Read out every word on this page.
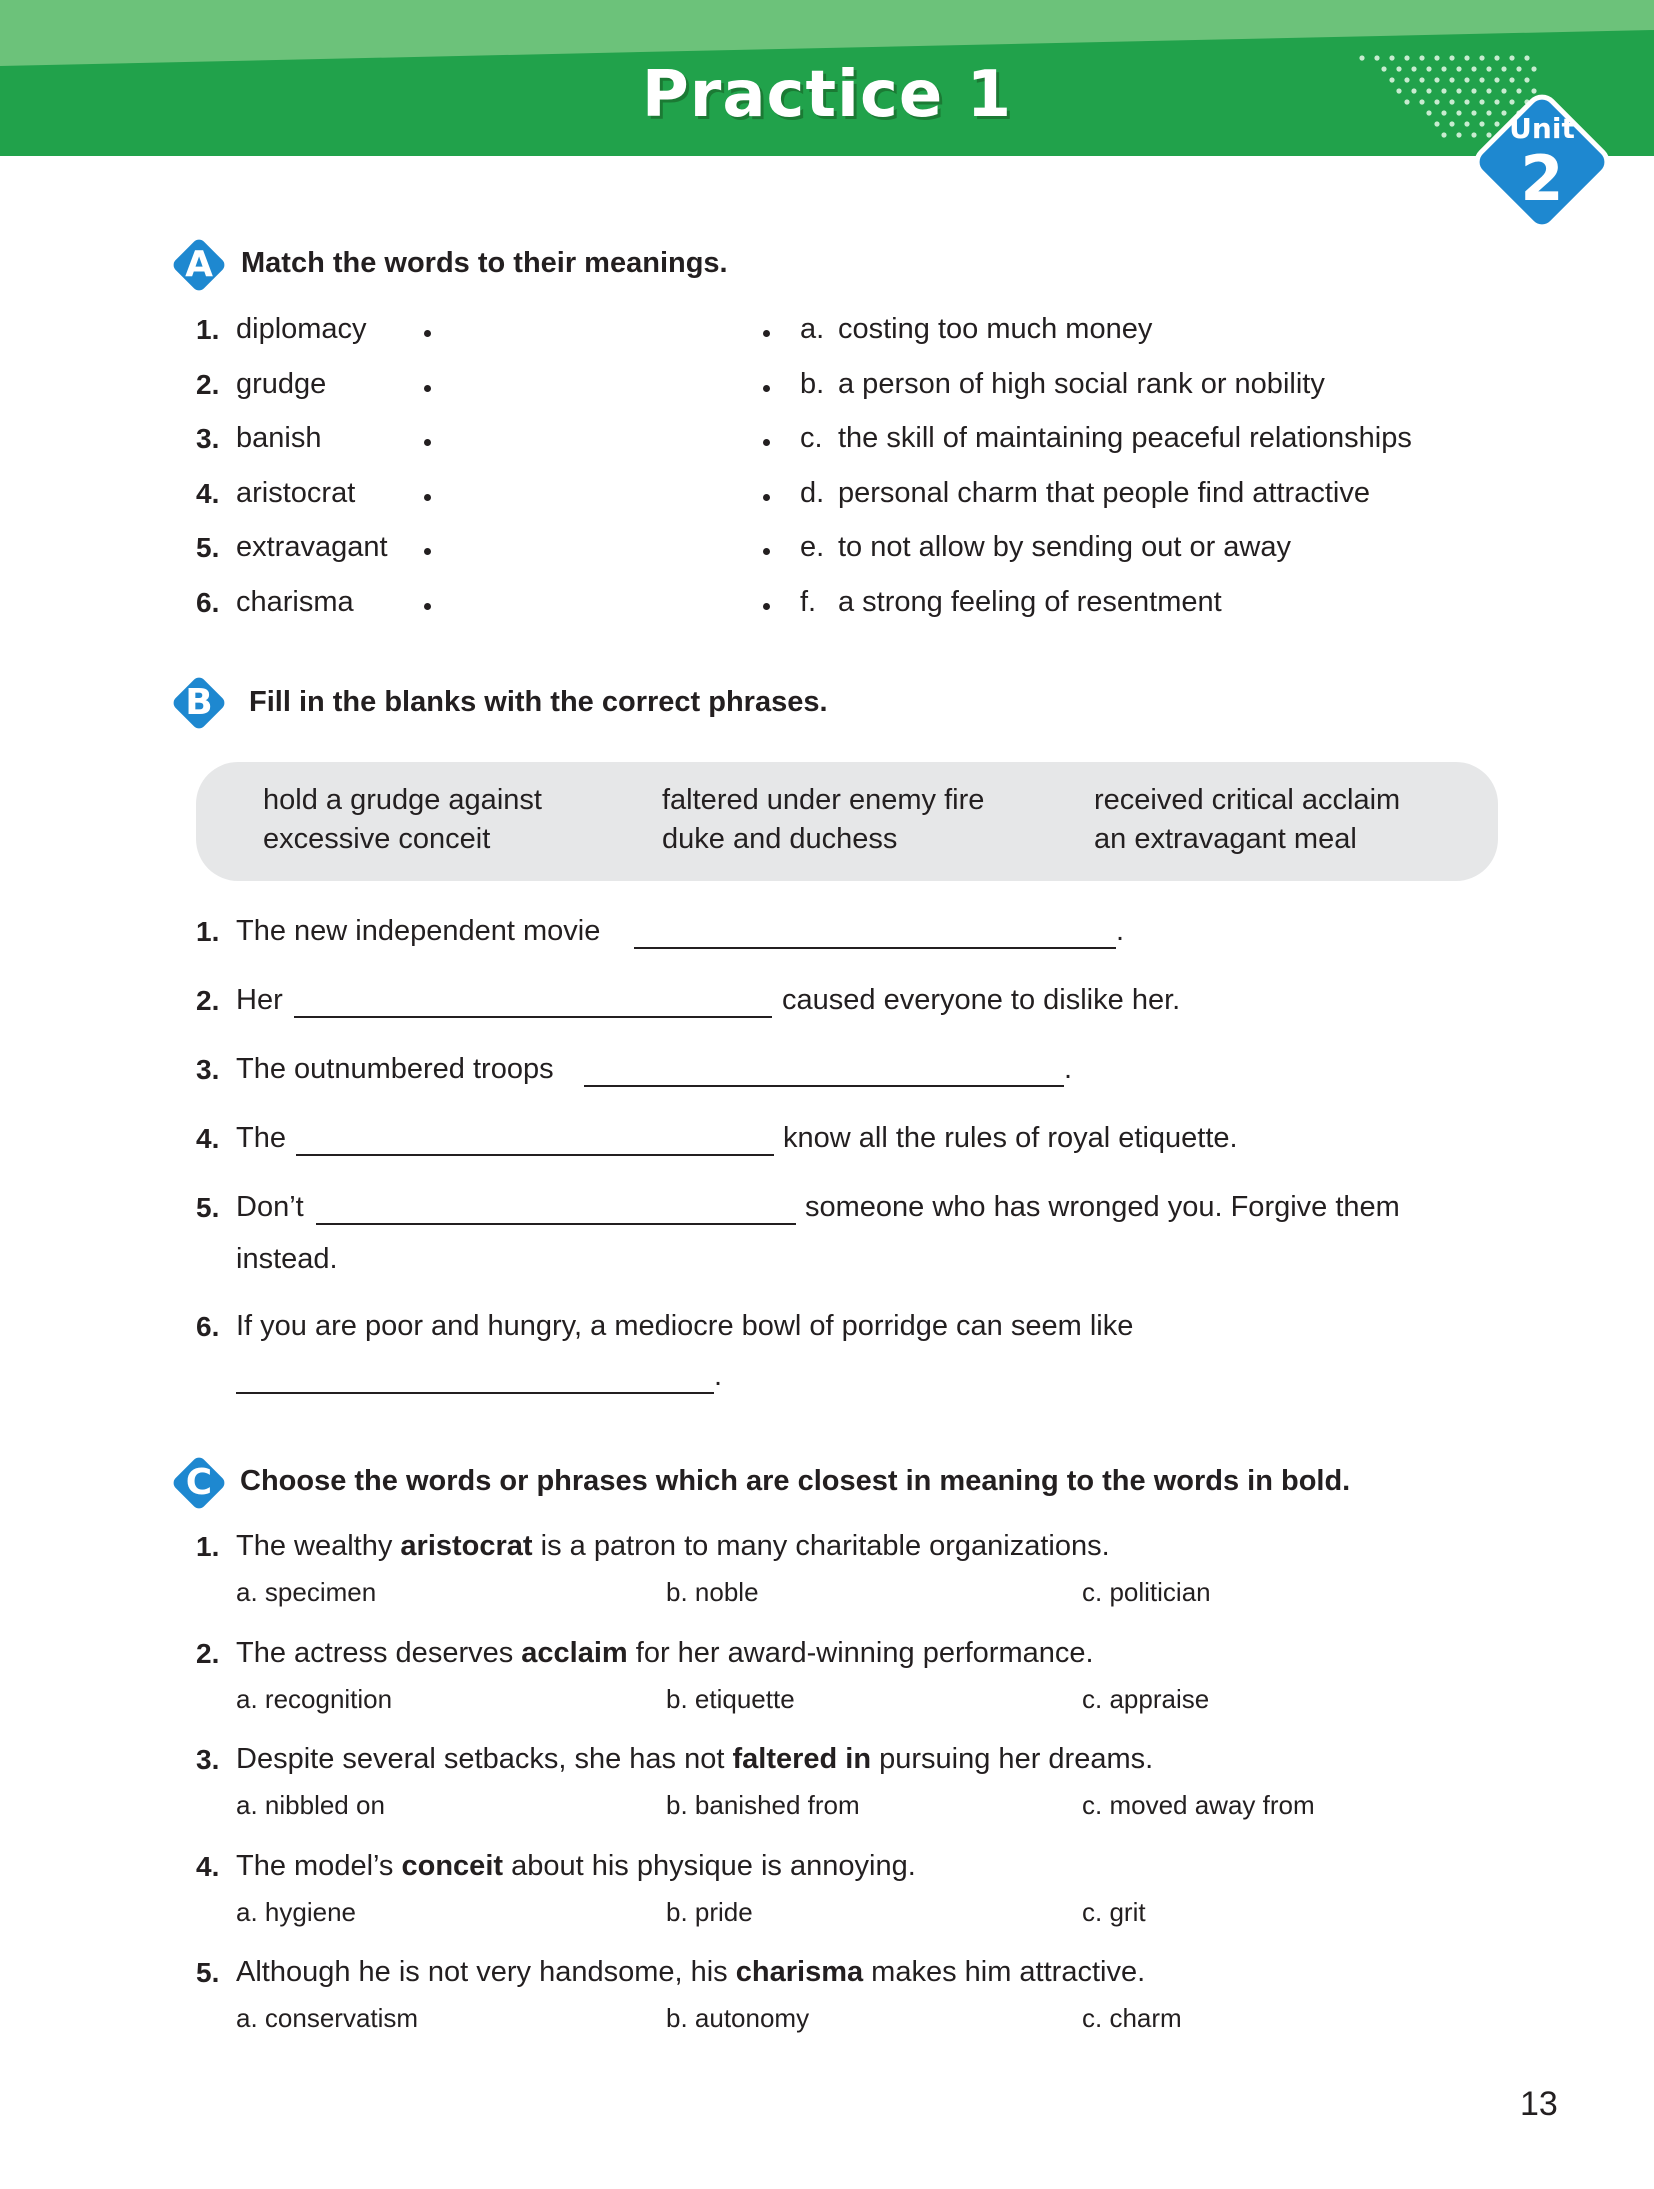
Practice 1	Unit
2
A Match the words to their meanings.
1. diplomacy	a. costing too much money
2. grudge	b. a person of high social rank or nobility
3. banish	c. the skill of maintaining peaceful relationships
4. aristocrat	d. personal charm that people find attractive
5. extravagant	e. to not allow by sending out or away
6. charisma	f. a strong feeling of resentment
B	Fill in the blanks with the correct phrases.
hold a grudge against
excessive conceit
faltered under enemy fire
duke and duchess
received critical acclaim
an extravagant meal
1. The new independent movie	.
2. Her	caused everyone to dislike her.
3. The outnumbered troops	.
4. The	know all the rules of royal etiquette.
5. Don’t	someone who has wronged you. Forgive them
instead.
6. If you are poor and hungry, a mediocre bowl of porridge can seem like
.
C Choose the words or phrases which are closest in meaning to the words in bold.
1. The wealthy aristocrat is a patron to many charitable organizations.
a. specimen	b. noble	c. politician
2. The actress deserves acclaim for her award-winning performance.
a. recognition	b. etiquette	c. appraise
3. Despite several setbacks, she has not faltered in pursuing her dreams.
a. nibbled on	b. banished from	c. moved away from
4. The model’s conceit about his physique is annoying.
a. hygiene	b. pride	c. grit
5. Although he is not very handsome, his charisma makes him attractive.
a. conservatism	b. autonomy	c. charm
13
